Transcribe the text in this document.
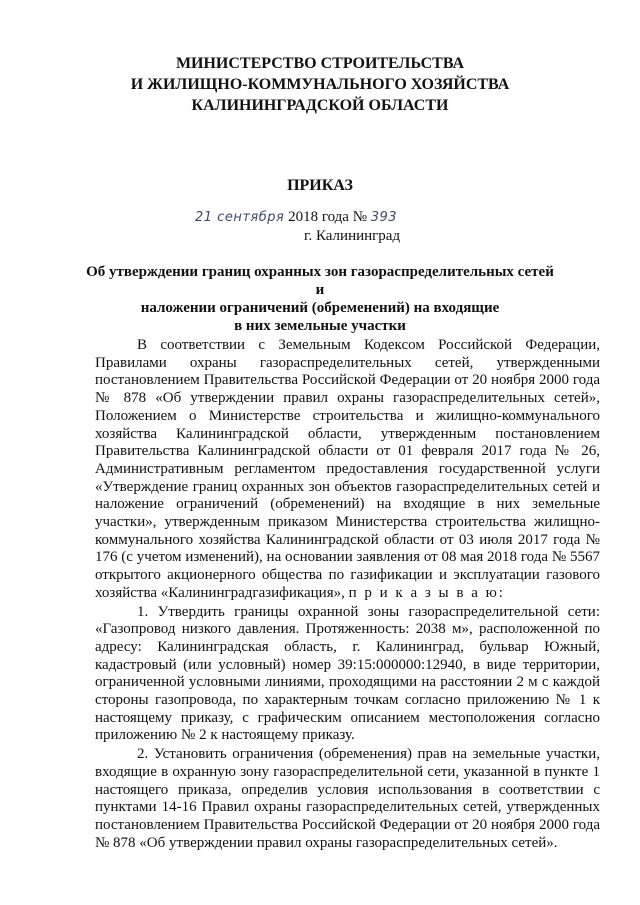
МИНИСТЕРСТВО СТРОИТЕЛЬСТВА
И ЖИЛИЩНО-КОММУНАЛЬНОГО ХОЗЯЙСТВА
КАЛИНИНГРАДСКОЙ ОБЛАСТИ
ПРИКАЗ
21 сентября 2018 года № 393
г. Калининград
Об утверждении границ охранных зон газораспределительных сетей и
наложении ограничений (обременений) на входящие
в них земельные участки

В соответствии с Земельным Кодексом Российской Федерации, Правилами охраны газораспределительных сетей, утвержденными постановлением Правительства Российской Федерации от 20 ноября 2000 года № 878 «Об утверждении правил охраны газораспределительных сетей», Положением о Министерстве строительства и жилищно-коммунального хозяйства Калининградской области, утвержденным постановлением Правительства Калининградской области от 01 февраля 2017 года № 26, Административным регламентом предоставления государственной услуги «Утверждение границ охранных зон объектов газораспределительных сетей и наложение ограничений (обременений) на входящие в них земельные участки», утвержденным приказом Министерства строительства жилищно-коммунального хозяйства Калининградской области от 03 июля 2017 года № 176 (с учетом изменений), на основании заявления от 08 мая 2018 года № 5567 открытого акционерного общества по газификации и эксплуатации газового хозяйства «Калининградгазификация», п р и к а з ы в а ю:

1. Утвердить границы охранной зоны газораспределительной сети: «Газопровод низкого давления. Протяженность: 2038 м», расположенной по адресу: Калининградская область, г. Калининград, бульвар Южный, кадастровый (или условный) номер 39:15:000000:12940, в виде территории, ограниченной условными линиями, проходящими на расстоянии 2 м с каждой стороны газопровода, по характерным точкам согласно приложению № 1 к настоящему приказу, с графическим описанием местоположения согласно приложению № 2 к настоящему приказу.

2. Установить ограничения (обременения) прав на земельные участки, входящие в охранную зону газораспределительной сети, указанной в пункте 1 настоящего приказа, определив условия использования в соответствии с пунктами 14-16 Правил охраны газораспределительных сетей, утвержденных постановлением Правительства Российской Федерации от 20 ноября 2000 года № 878 «Об утверждении правил охраны газораспределительных сетей».
